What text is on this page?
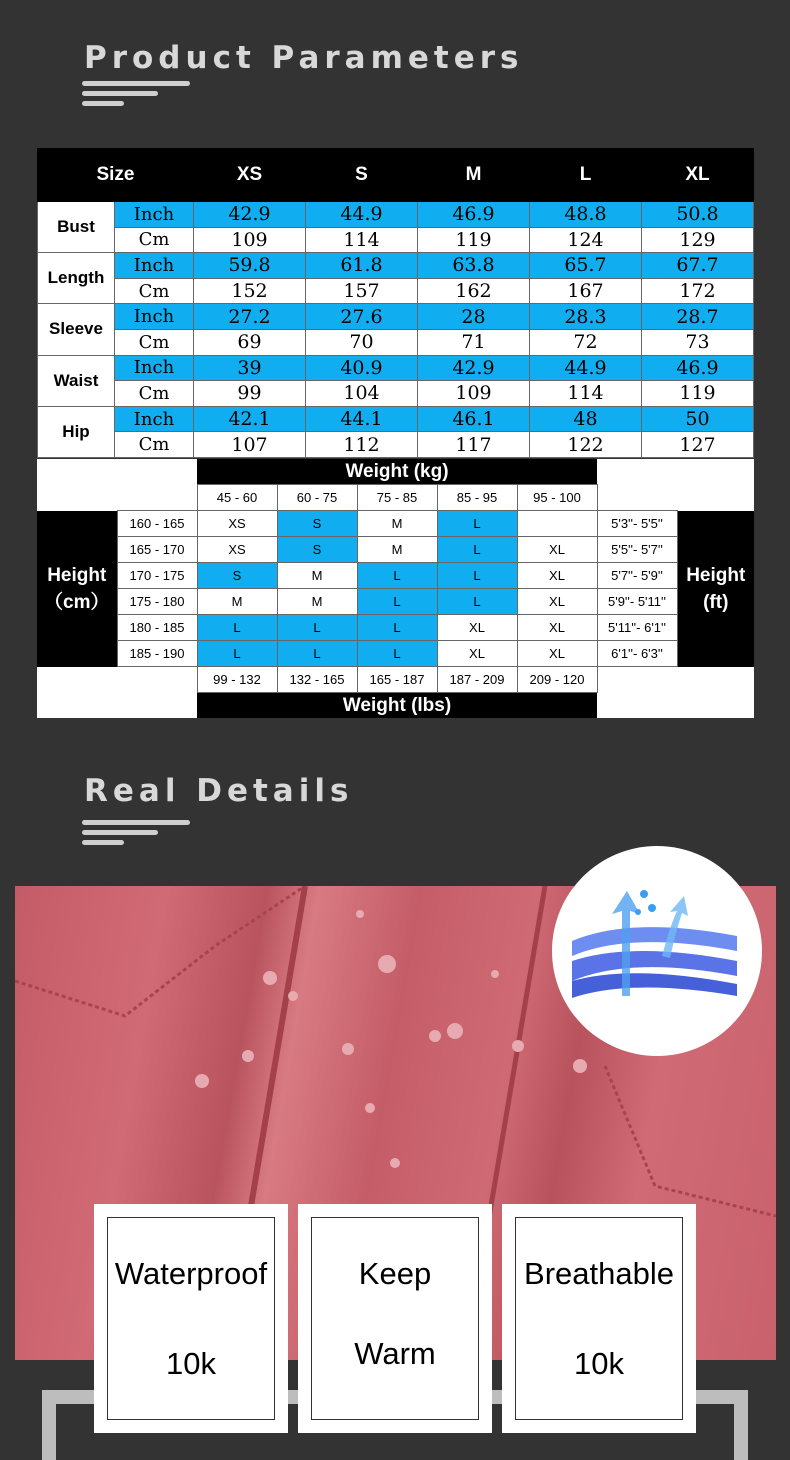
Product Parameters
Size		XS	S	M	L	XL
Bust	Inch	42.9	44.9	46.9	48.8	50.8
	Cm	109	114	119	124	129
Length	Inch	59.8	61.8	63.8	65.7	67.7
	Cm	152	157	162	167	172
Sleeve	Inch	27.2	27.6	28	28.3	28.7
	Cm	69	70	71	72	73
Waist	Inch	39	40.9	42.9	44.9	46.9
	Cm	99	104	109	114	119
Hip	Inch	42.1	44.1	46.1	48	50
	Cm	107	112	117	122	127
		Weight (kg)						
		45 - 60	60 - 75	75 - 85	85 - 95	95 - 100		
Height（cm）	160 - 165	XS	S	M	L		5'3''- 5'5''	Height (ft)
	165 - 170	XS	S	M	L	XL	5'5''- 5'7''	
	170 - 175	S	M	L	L	XL	5'7''- 5'9''	
	175 - 180	M	M	L	L	XL	5'9''- 5'11''	
	180 - 185	L	L	L	XL	XL	5'11''- 6'1''	
	185 - 190	L	L	L	XL	XL	6'1''- 6'3''	
		99 - 132	132 - 165	165 - 187	187 - 209	209 - 120		
		Weight (lbs)						
Real Details
Waterproof
10k
Keep
Warm
Breathable
10k
